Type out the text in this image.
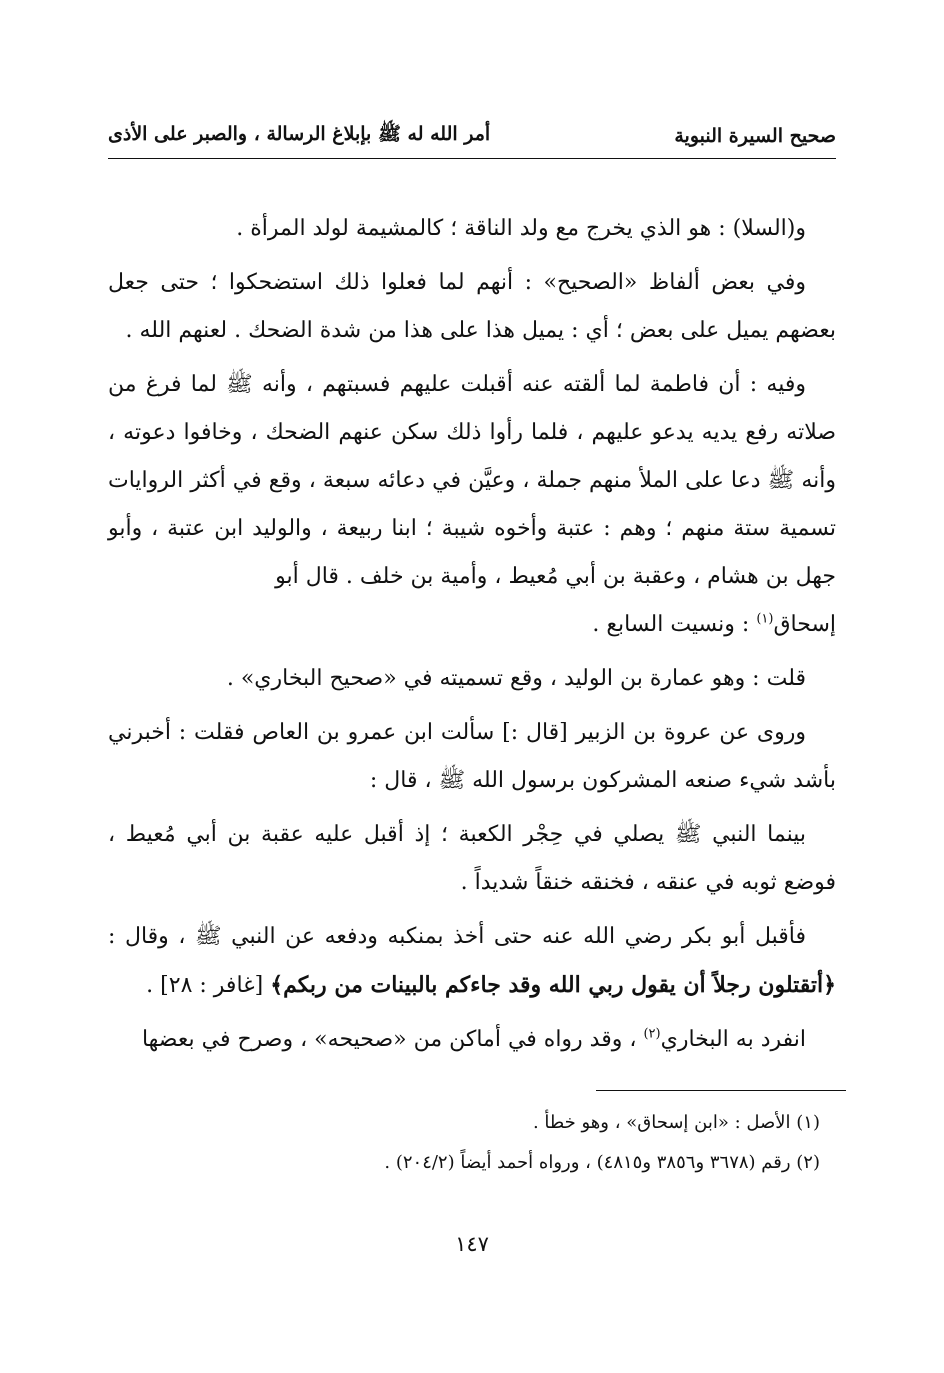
صحيح السيرة النبوية
أمر الله له ﷺ بإبلاغ الرسالة ، والصبر على الأذى

و(السلا) : هو الذي يخرج مع ولد الناقة ؛ كالمشيمة لولد المرأة .

وفي بعض ألفاظ «الصحيح» : أنهم لما فعلوا ذلك استضحكوا ؛ حتى جعل بعضهم يميل على بعض ؛ أي : يميل هذا على هذا من شدة الضحك . لعنهم الله .

وفيه : أن فاطمة لما ألقته عنه أقبلت عليهم فسبتهم ، وأنه ﷺ لما فرغ من صلاته رفع يديه يدعو عليهم ، فلما رأوا ذلك سكن عنهم الضحك ، وخافوا دعوته ، وأنه ﷺ دعا على الملأ منهم جملة ، وعيَّن في دعائه سبعة ، وقع في أكثر الروايات تسمية ستة منهم ؛ وهم : عتبة وأخوه شيبة ؛ ابنا ربيعة ، والوليد ابن عتبة ، وأبو جهل بن هشام ، وعقبة بن أبي مُعيط ، وأمية بن خلف . قال أبو
إسحاق$^{(١)}$ : ونسيت السابع .

قلت : وهو عمارة بن الوليد ، وقع تسميته في «صحيح البخاري» .

وروى عن عروة بن الزبير [قال :] سألت ابن عمرو بن العاص فقلت : أخبرني بأشد شيء صنعه المشركون برسول الله ﷺ ، قال :

بينما النبي ﷺ يصلي في حِجْر الكعبة ؛ إذ أقبل عليه عقبة بن أبي مُعيط ، فوضع ثوبه في عنقه ، فخنقه خنقاً شديداً .

فأقبل أبو بكر رضي الله عنه حتى أخذ بمنكبه ودفعه عن النبي ﷺ ، وقال : ﴿أتقتلون رجلاً أن يقول ربي الله وقد جاءكم بالبينات من ربكم﴾ [غافر : ٢٨] .

انفرد به البخاري$^{(٢)}$ ، وقد رواه في أماكن من «صحيحه» ، وصرح في بعضها

(١) الأصل : «ابن إسحاق» ، وهو خطأ .
(٢) رقم (٣٦٧٨ و٣٨٥٦ و٤٨١٥) ، ورواه أحمد أيضاً (٢٠٤/٢) .
١٤٧
